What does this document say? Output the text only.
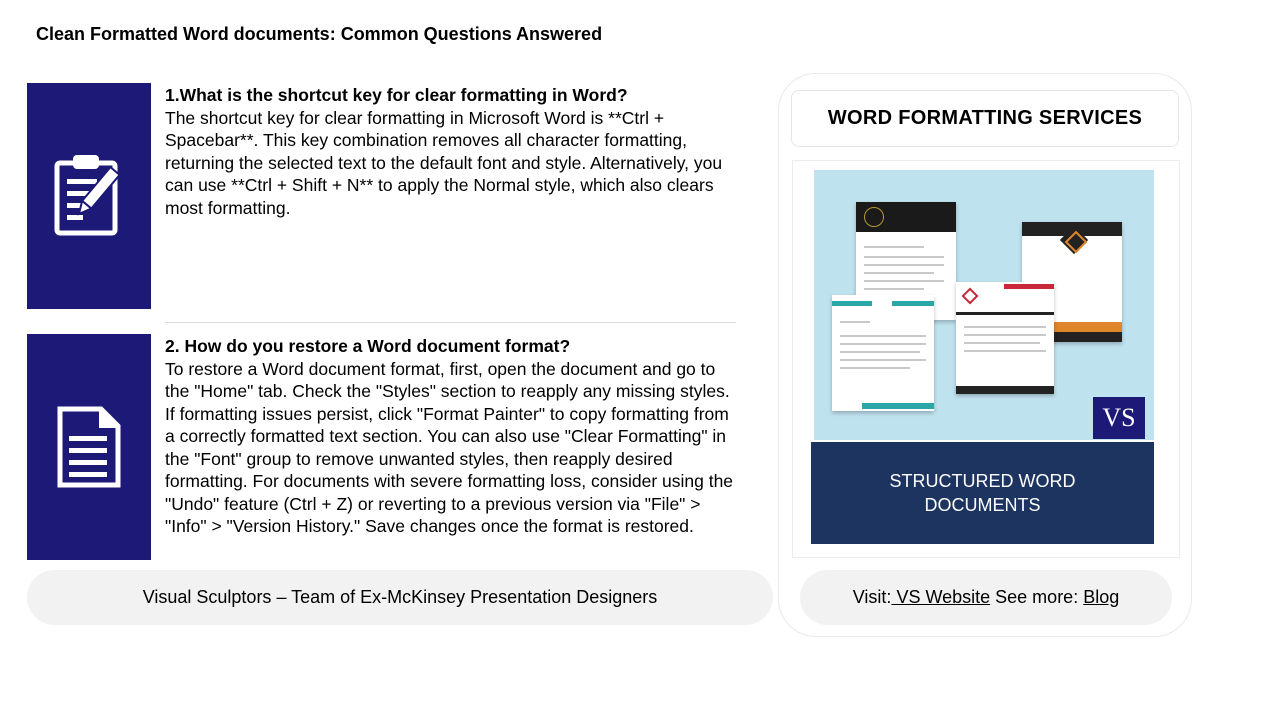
Clean Formatted Word documents: Common Questions Answered
1.What is the shortcut key for clear formatting in Word?
The shortcut key for clear formatting in Microsoft Word is **Ctrl + Spacebar**. This key combination removes all character formatting, returning the selected text to the default font and style. Alternatively, you can use **Ctrl + Shift + N** to apply the Normal style, which also clears most formatting.
2. How do you restore a Word document format?
To restore a Word document format, first, open the document and go to the "Home" tab. Check the "Styles" section to reapply any missing styles. If formatting issues persist, click "Format Painter" to copy formatting from a correctly formatted text section. You can also use "Clear Formatting" in the "Font" group to remove unwanted styles, then reapply desired formatting. For documents with severe formatting loss, consider using the "Undo" feature (Ctrl + Z) or reverting to a previous version via "File" > "Info" > "Version History." Save changes once the format is restored.
Visual Sculptors – Team of Ex-McKinsey Presentation Designers
WORD FORMATTING SERVICES
VS
STRUCTURED WORD DOCUMENTS
Visit: VS Website See more: Blog
